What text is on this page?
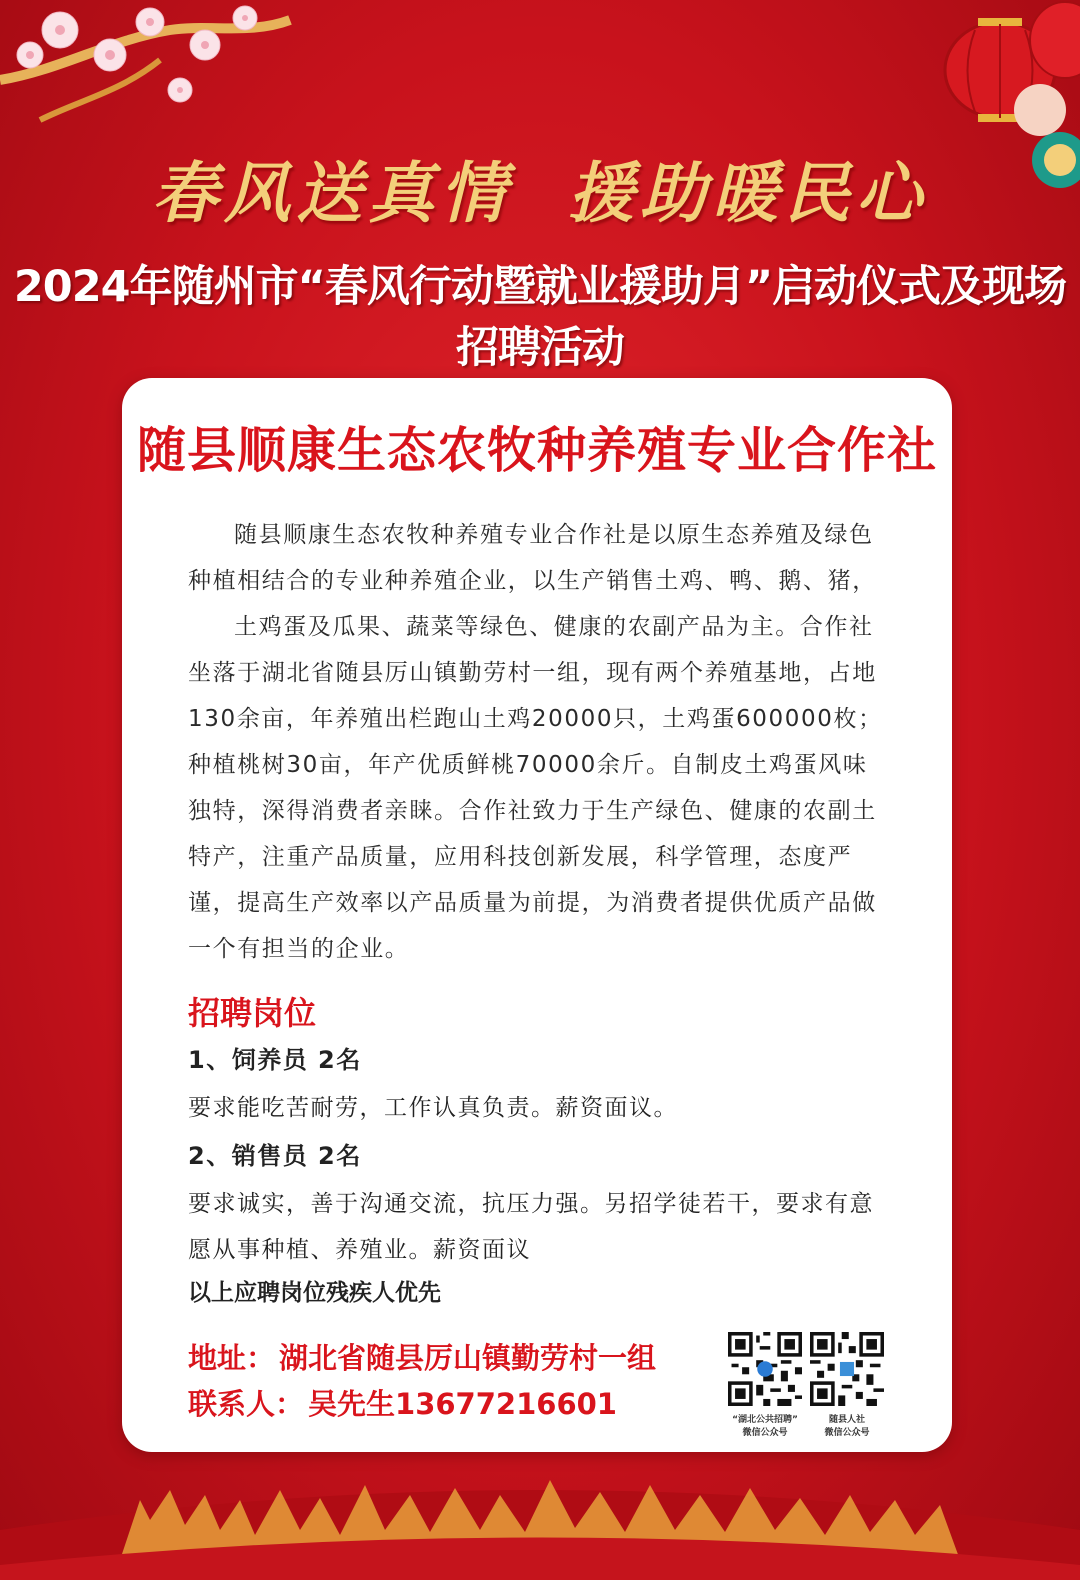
春风送真情 援助暖民心
2024年随州市“春风行动暨就业援助月”启动仪式及现场招聘活动
随县顺康生态农牧种养殖专业合作社

随县顺康生态农牧种养殖专业合作社是以原生态养殖及绿色

种植相结合的专业种养殖企业，以生产销售土鸡、鸭、鹅、猪，

土鸡蛋及瓜果、蔬菜等绿色、健康的农副产品为主。合作社坐落于湖北省随县厉山镇勤劳村一组，现有两个养殖基地，占地130余亩，年养殖出栏跑山土鸡20000只，土鸡蛋600000枚；种植桃树30亩，年产优质鲜桃70000余斤。自制皮土鸡蛋风味独特，深得消费者亲睐。合作社致力于生产绿色、健康的农副土特产，注重产品质量，应用科技创新发展，科学管理，态度严谨，提高生产效率以产品质量为前提，为消费者提供优质产品做一个有担当的企业。

招聘岗位
1、饲养员 2名
要求能吃苦耐劳，工作认真负责。薪资面议。
2、销售员 2名
要求诚实，善于沟通交流，抗压力强。另招学徒若干，要求有意愿从事种植、养殖业。薪资面议
以上应聘岗位残疾人优先
地址： 湖北省随县厉山镇勤劳村一组
联系人： 吴先生13677216601	“湖北公共招聘”
微信公众号
随县人社
微信公众号
